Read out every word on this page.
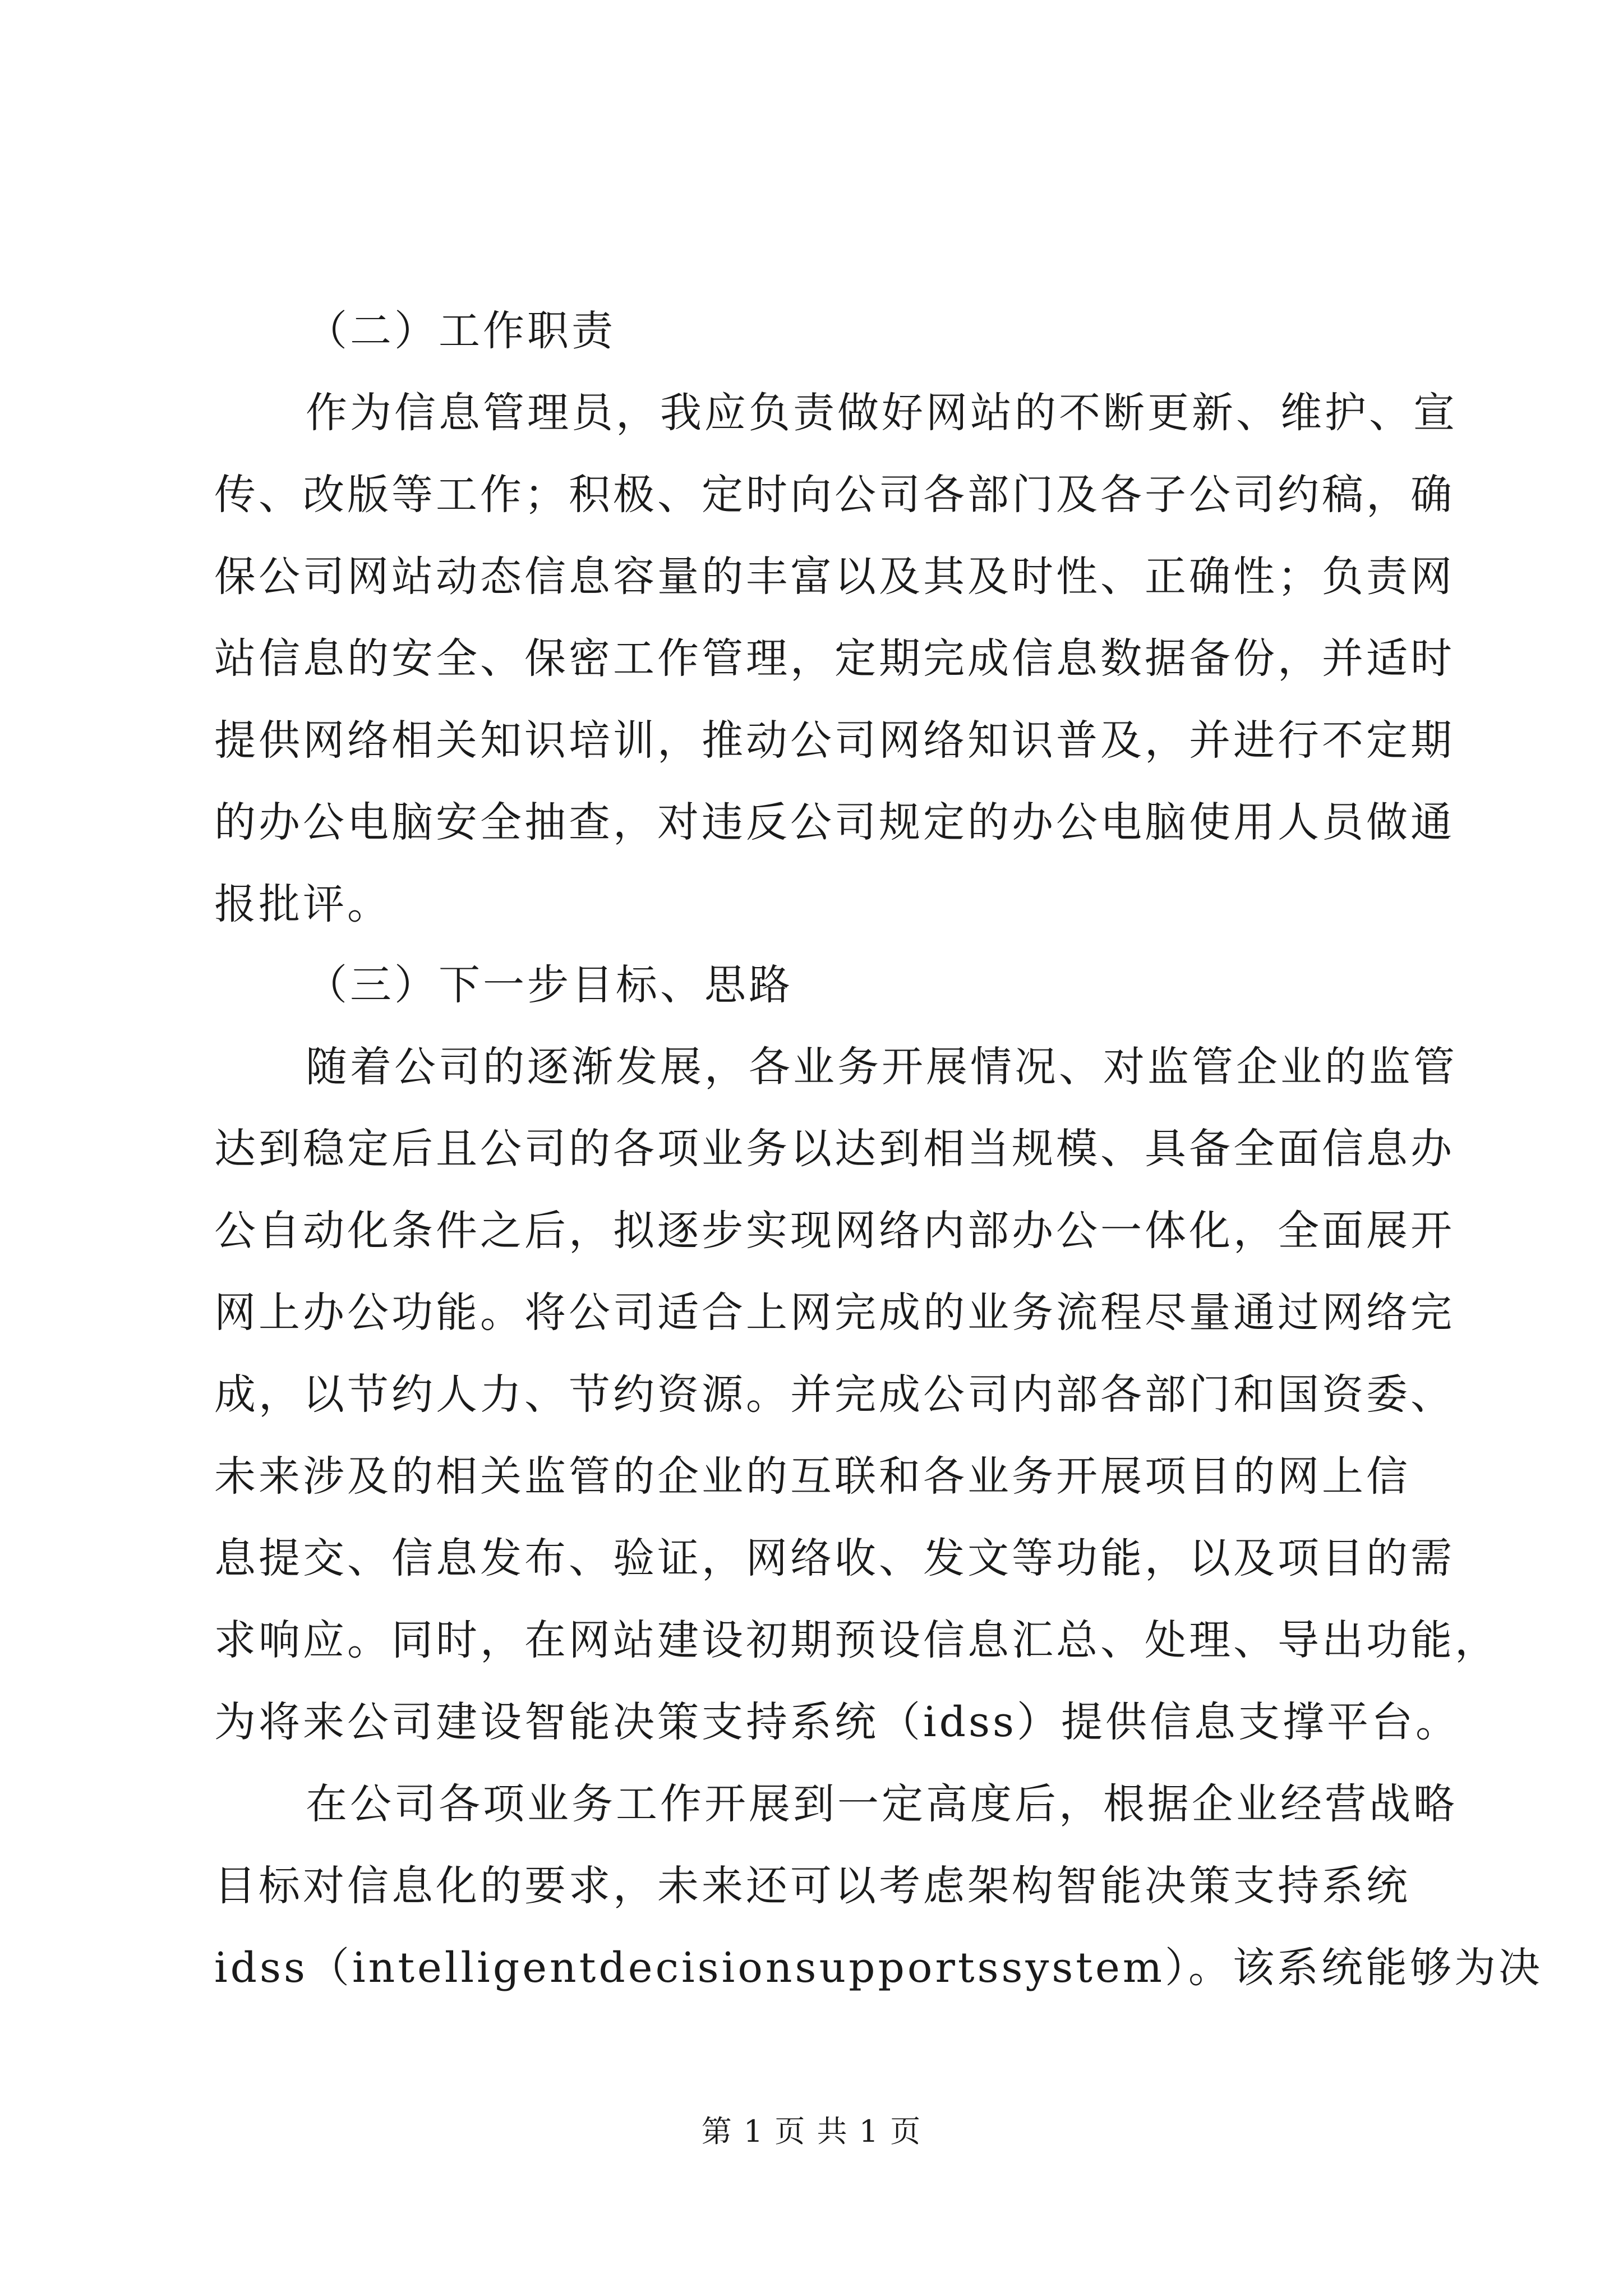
（二）工作职责

作为信息管理员，我应负责做好网站的不断更新、维护、宣

传、改版等工作；积极、定时向公司各部门及各子公司约稿，确

保公司网站动态信息容量的丰富以及其及时性、正确性；负责网

站信息的安全、保密工作管理，定期完成信息数据备份，并适时

提供网络相关知识培训，推动公司网络知识普及，并进行不定期

的办公电脑安全抽查，对违反公司规定的办公电脑使用人员做通

报批评。

（三）下一步目标、思路

随着公司的逐渐发展，各业务开展情况、对监管企业的监管

达到稳定后且公司的各项业务以达到相当规模、具备全面信息办

公自动化条件之后，拟逐步实现网络内部办公一体化，全面展开

网上办公功能。将公司适合上网完成的业务流程尽量通过网络完

成，以节约人力、节约资源。并完成公司内部各部门和国资委、

未来涉及的相关监管的企业的互联和各业务开展项目的网上信

息提交、信息发布、验证，网络收、发文等功能，以及项目的需

求响应。同时，在网站建设初期预设信息汇总、处理、导出功能，

为将来公司建设智能决策支持系统（idss）提供信息支撑平台。

在公司各项业务工作开展到一定高度后，根据企业经营战略

目标对信息化的要求，未来还可以考虑架构智能决策支持系统

idss（intelligentdecisionsupportssystem）。该系统能够为决

第 1 页 共 1 页
